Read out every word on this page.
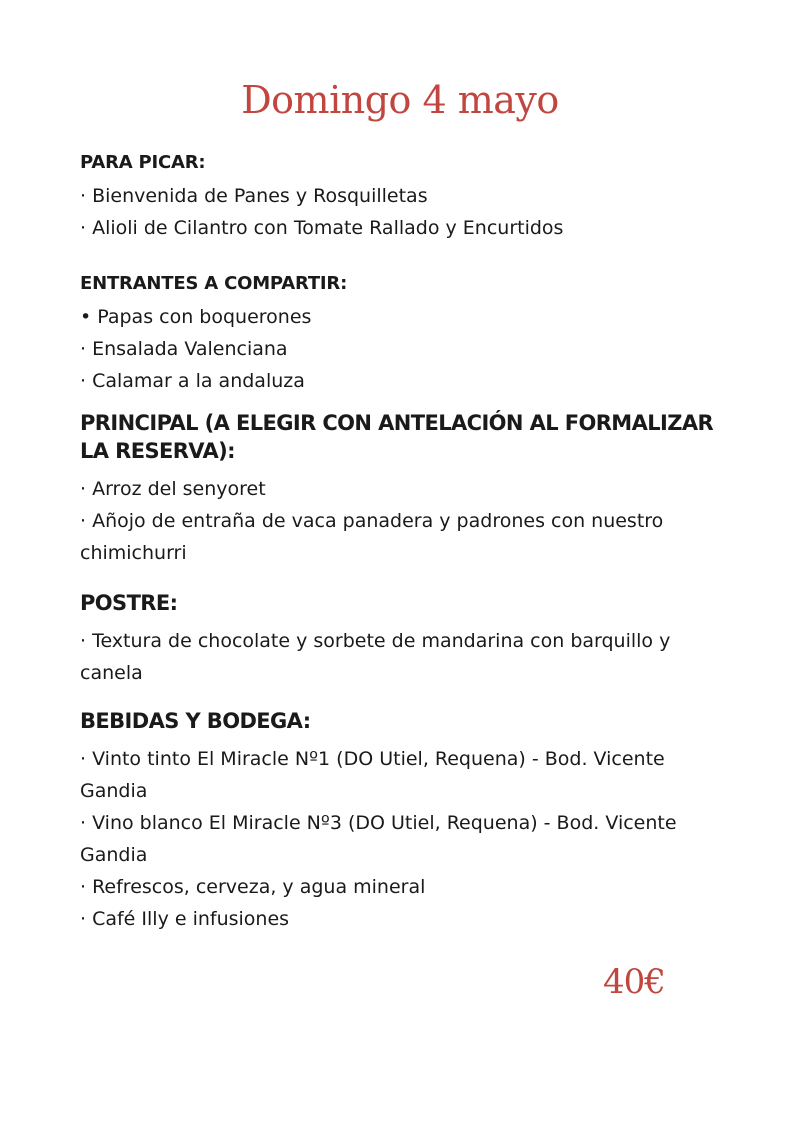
Domingo 4 mayo
PARA PICAR:
· Bienvenida de Panes y Rosquilletas
· Alioli de Cilantro con Tomate Rallado y Encurtidos
ENTRANTES A COMPARTIR:
• Papas con boquerones
· Ensalada Valenciana
· Calamar a la andaluza
PRINCIPAL (A ELEGIR CON ANTELACIÓN AL FORMALIZAR LA RESERVA):
· Arroz del senyoret
· Añojo de entraña de vaca panadera y padrones con nuestro chimichurri
POSTRE:
· Textura de chocolate y sorbete de mandarina con barquillo y canela
BEBIDAS Y BODEGA:
· Vinto tinto El Miracle Nº1 (DO Utiel, Requena) - Bod. Vicente Gandia
· Vino blanco El Miracle Nº3 (DO Utiel, Requena) - Bod. Vicente Gandia
· Refrescos, cerveza, y agua mineral
· Café Illy e infusiones
40€
